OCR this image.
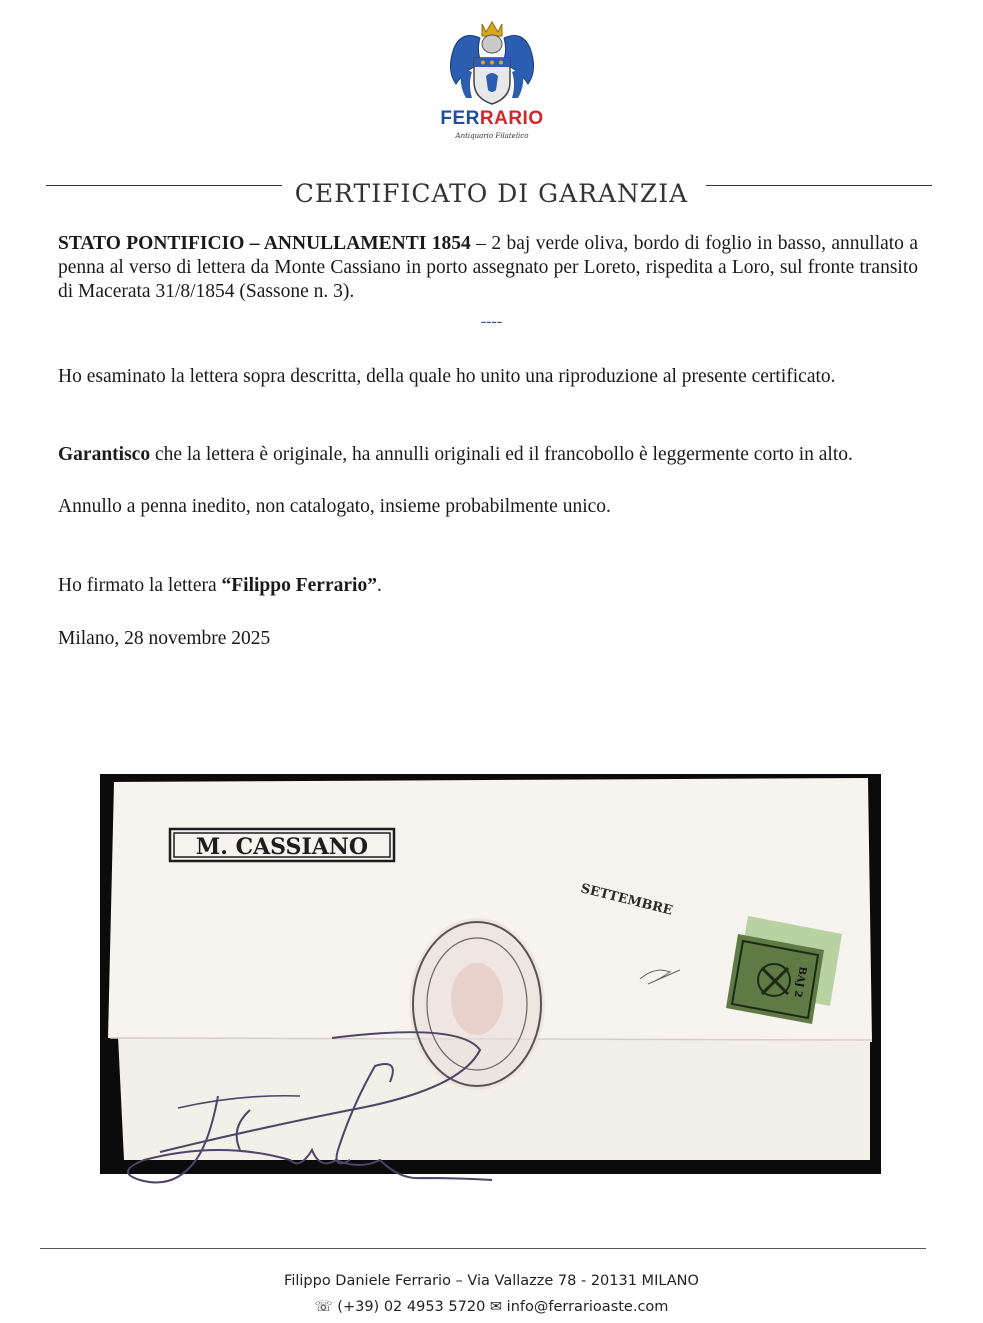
FERRARIO
Antiquario Filatelico
CERTIFICATO DI GARANZIA

STATO PONTIFICIO – ANNULLAMENTI 1854 – 2 baj verde oliva, bordo di foglio in basso, annullato a penna al verso di lettera da Monte Cassiano in porto assegnato per Loreto, rispedita a Loro, sul fronte transito di Macerata 31/8/1854 (Sassone n. 3).

----

Ho esaminato la lettera sopra descritta, della quale ho unito una riproduzione al presente certificato.

Garantisco che la lettera è originale, ha annulli originali ed il francobollo è leggermente corto in alto.

Annullo a penna inedito, non catalogato, insieme probabilmente unico.

Ho firmato la lettera “Filippo Ferrario”.

Milano, 28 novembre 2025

M. CASSIANO
SETTEMBRE
BAJ 2
Filippo Daniele Ferrario – Via Vallazze 78 - 20131 MILANO
☏ (+39) 02 4953 5720 ✉ info@ferrarioaste.com
